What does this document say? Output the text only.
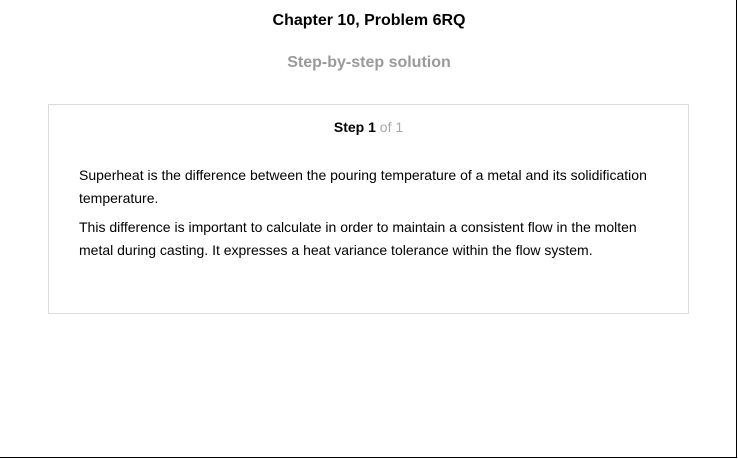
Chapter 10, Problem 6RQ
Step-by-step solution
Step 1 of 1

Superheat is the difference between the pouring temperature of a metal and its solidification temperature.

This difference is important to calculate in order to maintain a consistent flow in the molten metal during casting. It expresses a heat variance tolerance within the flow system.
